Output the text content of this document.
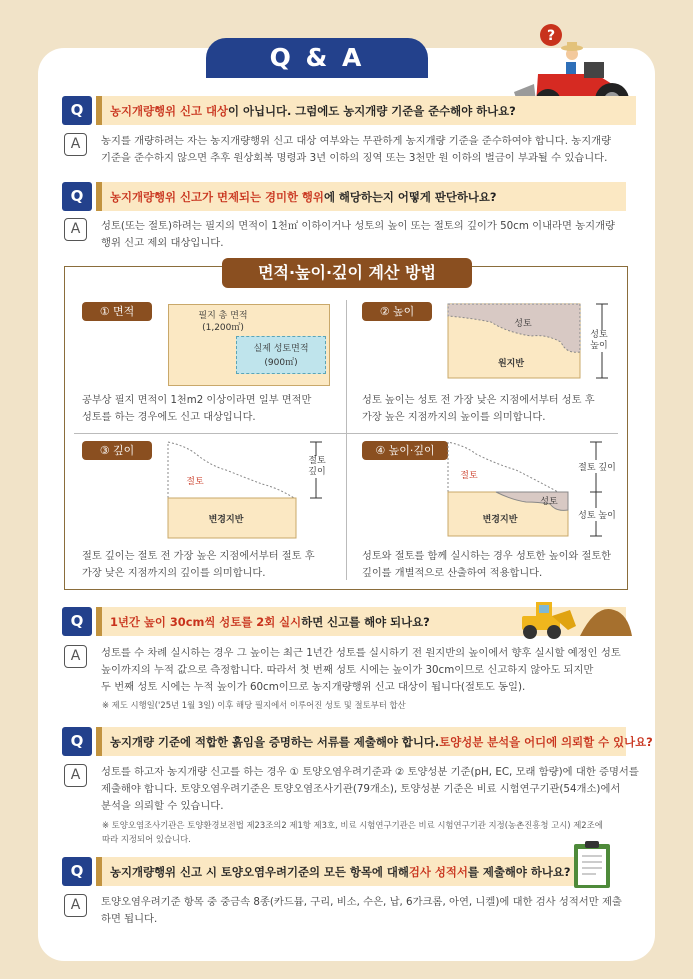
Q & A
?
Q	농지개량행위 신고 대상 이 아닙니다. 그럼에도 농지개량 기준을 준수해야 하나요?
A	농지를 개량하려는 자는 농지개량행위 신고 대상 여부와는 무관하게 농지개량 기준을 준수하여야 합니다. 농지개량
기준을 준수하지 않으면 추후 원상회복 명령과 3년 이하의 징역 또는 3천만 원 이하의 벌금이 부과될 수 있습니다.
Q	농지개량행위 신고가 면제되는 경미한 행위 에 해당하는지 어떻게 판단하나요?
A	성토(또는 절토)하려는 필지의 면적이 1천㎡ 이하이거나 성토의 높이 또는 절토의 깊이가 50cm 이내라면 농지개량
행위 신고 제외 대상입니다.
면적·높이·깊이 계산 방법
① 면적	필지 총 면적
(1,200㎡)
실제 성토면적
(900㎡)
공부상 필지 면적이 1천m2 이상이라면 일부 면적만
성토를 하는 경우에도 신고 대상입니다.
② 높이
성토
원지반
성토 높이
성토 높이는 성토 전 가장 낮은 지점에서부터 성토 후
가장 높은 지점까지의 높이를 의미합니다.
③ 깊이
절토
변경지반
절토 깊이
절토 깊이는 절토 전 가장 높은 지점에서부터 절토 후
가장 낮은 지점까지의 깊이를 의미합니다.
④ 높이·깊이
절토
성토
변경지반
절토 깊이
성토 높이
성토와 절토를 함께 실시하는 경우 성토한 높이와 절토한
깊이를 개별적으로 산출하여 적용합니다.
Q	1년간 높이 30cm씩 성토를 2회 실시 하면 신고를 해야 되나요?
A	성토를 수 차례 실시하는 경우 그 높이는 최근 1년간 성토를 실시하기 전 원지반의 높이에서 향후 실시할 예정인 성토
높이까지의 누적 값으로 측정합니다. 따라서 첫 번째 성토 시에는 높이가 30cm이므로 신고하지 않아도 되지만
두 번째 성토 시에는 누적 높이가 60cm이므로 농지개량행위 신고 대상이 됩니다(절토도 동일).
※ 제도 시행일('25년 1월 3일) 이후 해당 필지에서 이루어진 성토 및 절토부터 합산
Q	농지개량 기준에 적합한 흙임을 증명하는 서류를 제출해야 합니다. 토양성분 분석을 어디에 의뢰할 수 있나요?
A	성토를 하고자 농지개량 신고를 하는 경우 ① 토양오염우려기준과 ② 토양성분 기준(pH, EC, 모래 함량)에 대한 증명서를
제출해야 합니다. 토양오염우려기준은 토양오염조사기관(79개소), 토양성분 기준은 비료 시험연구기관(54개소)에서
분석을 의뢰할 수 있습니다.
※ 토양오염조사기관은 토양환경보전법 제23조의2 제1항 제3호, 비료 시험연구기관은 비료 시험연구기관 지정(농촌진흥청 고시) 제2조에
따라 지정되어 있습니다.
Q	농지개량행위 신고 시 토양오염우려기준의 모든 항목에 대해 검사 성적서 를 제출해야 하나요?
A	토양오염우려기준 항목 중 중금속 8종(카드뮴, 구리, 비소, 수은, 납, 6가크롬, 아연, 니켈)에 대한 검사 성적서만 제출
하면 됩니다.
